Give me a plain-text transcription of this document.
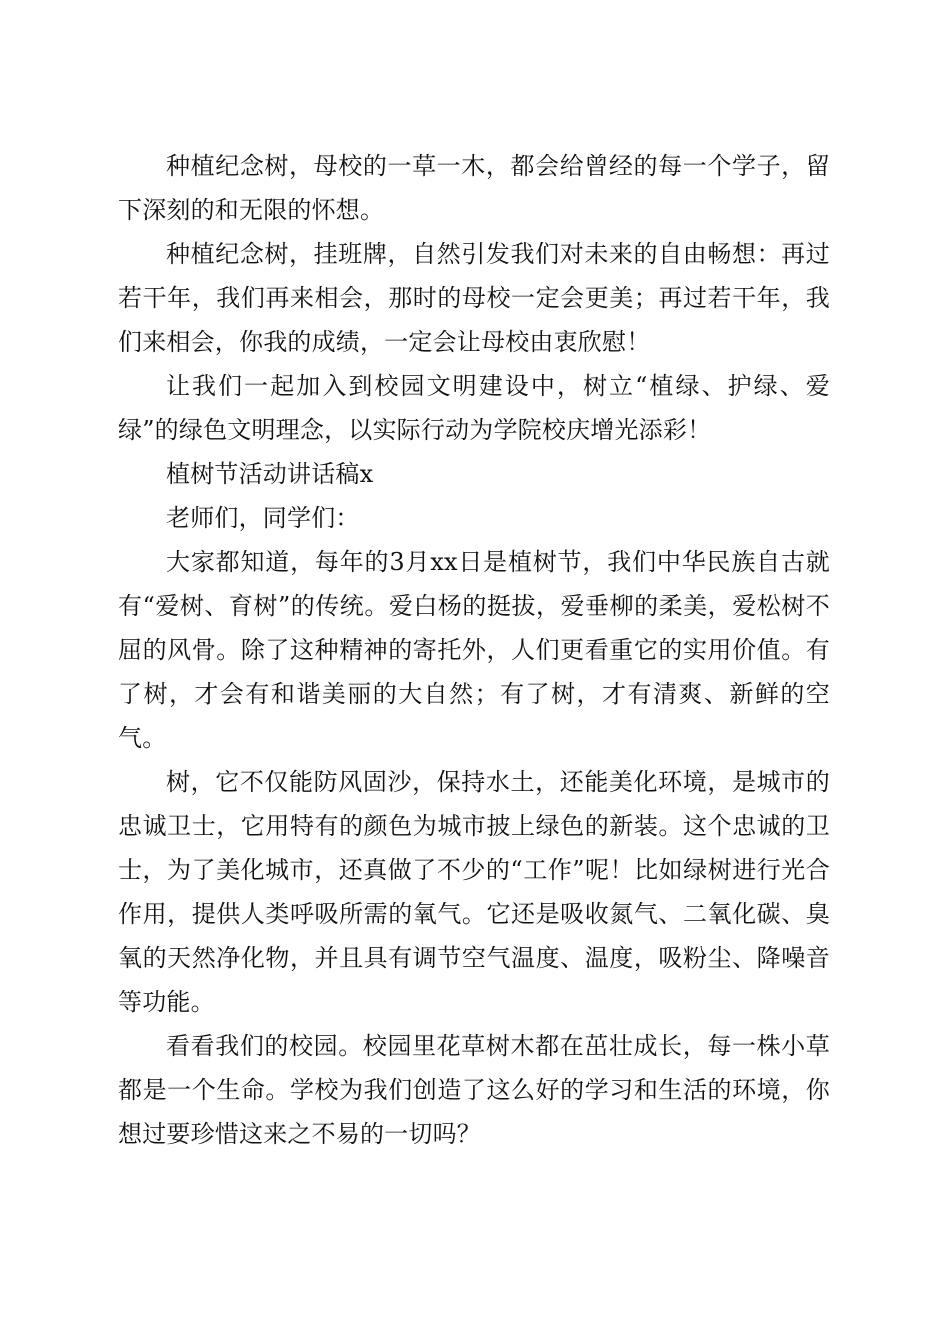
种植纪念树，母校的一草一木，都会给曾经的每一个学子，留下深刻的和无限的怀想。

种植纪念树，挂班牌，自然引发我们对未来的自由畅想：再过若干年，我们再来相会，那时的母校一定会更美；再过若干年，我们来相会，你我的成绩，一定会让母校由衷欣慰！

让我们一起加入到校园文明建设中，树立“植绿、护绿、爱绿”的绿色文明理念，以实际行动为学院校庆增光添彩！

植树节活动讲话稿x

老师们，同学们：

大家都知道，每年的3月xx日是植树节，我们中华民族自古就有“爱树、育树”的传统。爱白杨的挺拔，爱垂柳的柔美，爱松树不屈的风骨。除了这种精神的寄托外，人们更看重它的实用价值。有了树，才会有和谐美丽的大自然；有了树，才有清爽、新鲜的空气。

树，它不仅能防风固沙，保持水土，还能美化环境，是城市的忠诚卫士，它用特有的颜色为城市披上绿色的新装。这个忠诚的卫士，为了美化城市，还真做了不少的“工作”呢！比如绿树进行光合作用，提供人类呼吸所需的氧气。它还是吸收氮气、二氧化碳、臭氧的天然净化物，并且具有调节空气温度、温度，吸粉尘、降噪音等功能。

看看我们的校园。校园里花草树木都在茁壮成长，每一株小草都是一个生命。学校为我们创造了这么好的学习和生活的环境，你想过要珍惜这来之不易的一切吗？
